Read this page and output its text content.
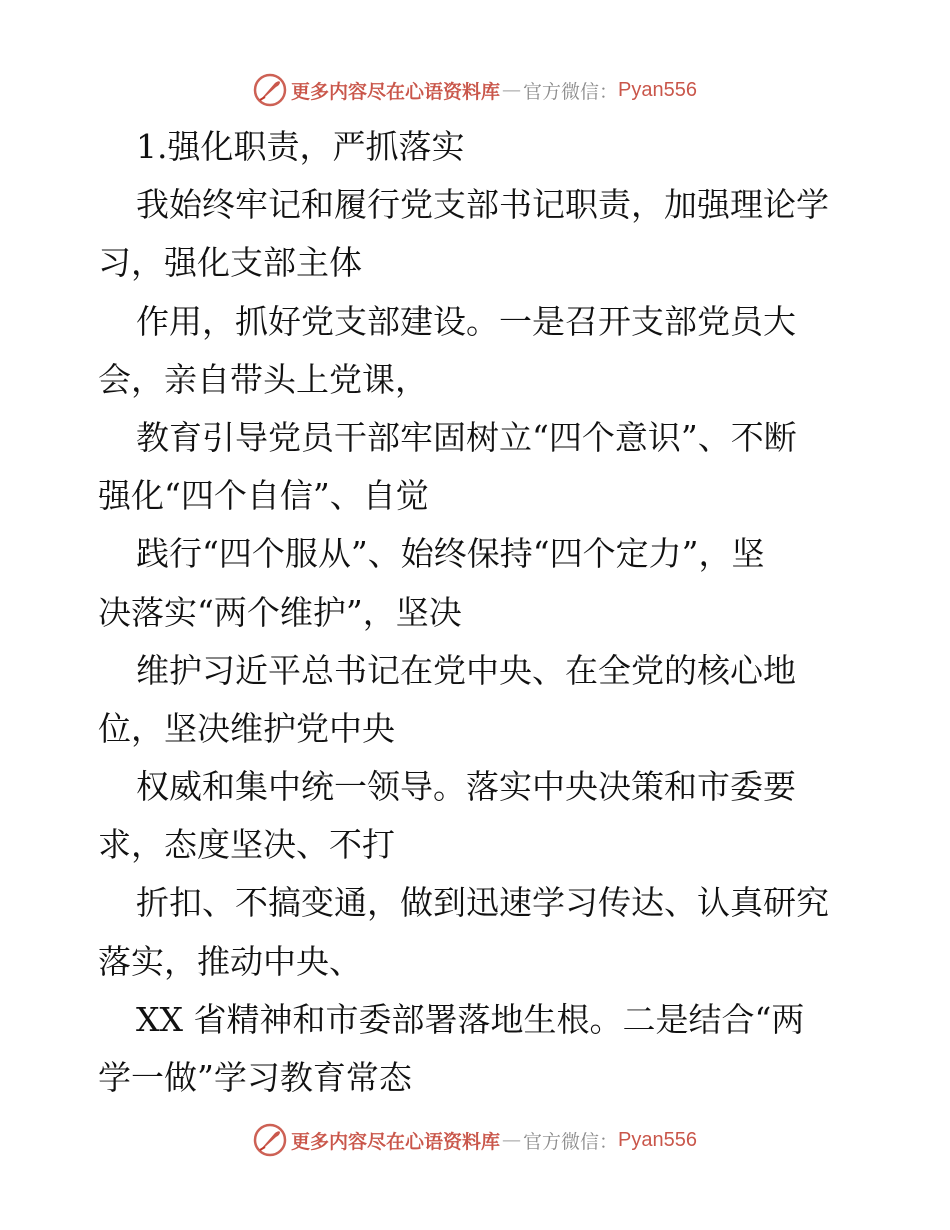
更多内容尽在心语资料库 — 官方微信： Pyan556
1.强化职责，严抓落实
我始终牢记和履行党支部书记职责，加强理论学
习，强化支部主体
作用，抓好党支部建设。一是召开支部党员大
会，亲自带头上党课，
教育引导党员干部牢固树立“四个意识”、不断
强化“四个自信”、自觉
践行“四个服从”、始终保持“四个定力”，坚
决落实“两个维护”，坚决
维护习近平总书记在党中央、在全党的核心地
位，坚决维护党中央
权威和集中统一领导。落实中央决策和市委要
求，态度坚决、不打
折扣、不搞变通，做到迅速学习传达、认真研究
落实，推动中央、
XX 省精神和市委部署落地生根。二是结合“两
学一做”学习教育常态
更多内容尽在心语资料库 — 官方微信： Pyan556
